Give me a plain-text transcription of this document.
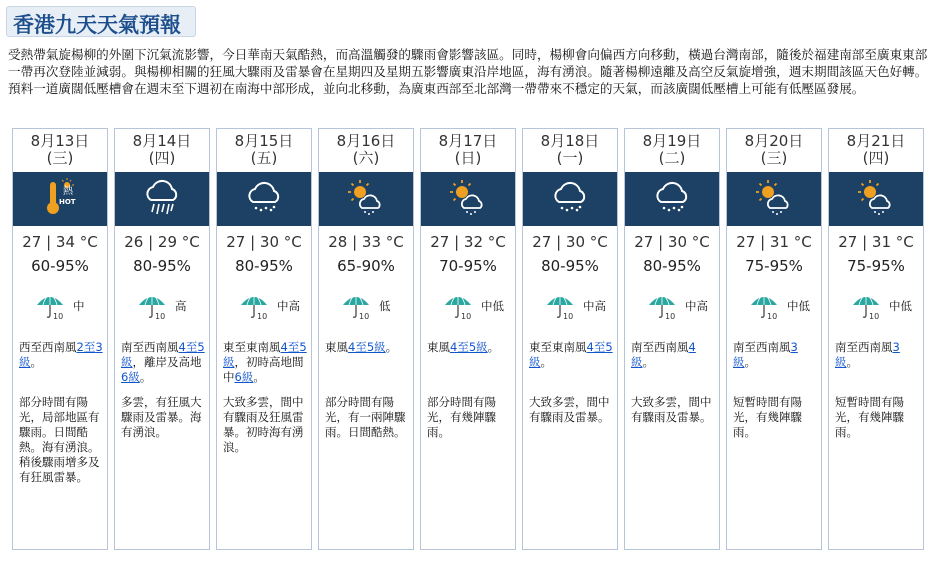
香港九天天氣預報
受熱帶氣旋楊柳的外圍下沉氣流影響，今日華南天氣酷熱，而高溫觸發的驟雨會影響該區。同時，楊柳會向偏西方向移動，橫過台灣南部，隨後於福建南部至廣東東部一帶再次登陸並減弱。與楊柳相關的狂風大驟雨及雷暴會在星期四及星期五影響廣東沿岸地區，海有湧浪。隨著楊柳遠離及高空反氣旋增強，週末期間該區天色好轉。預料一道廣闊低壓槽會在週末至下週初在南海中部形成，並向北移動，為廣東西部至北部灣一帶帶來不穩定的天氣，而該廣闊低壓槽上可能有低壓區發展。
8月13日
(三)
熱
HOT
27 | 34 °C
60-95%
10
中
西至西南風2至3級。
部分時間有陽光，局部地區有驟雨。日間酷熱。海有湧浪。稍後驟雨增多及有狂風雷暴。
8月14日
(四)
26 | 29 °C
80-95%
10
高
南至西南風4至5級，離岸及高地6級。
多雲，有狂風大驟雨及雷暴。海有湧浪。
8月15日
(五)
27 | 30 °C
80-95%
10
中高
東至東南風4至5級，初時高地間中6級。
大致多雲，間中有驟雨及狂風雷暴。初時海有湧浪。
8月16日
(六)
28 | 33 °C
65-90%
10
低
東風4至5級。
部分時間有陽光，有一兩陣驟雨。日間酷熱。
8月17日
(日)
27 | 32 °C
70-95%
10
中低
東風4至5級。
部分時間有陽光，有幾陣驟雨。
8月18日
(一)
27 | 30 °C
80-95%
10
中高
東至東南風4至5級。
大致多雲，間中有驟雨及雷暴。
8月19日
(二)
27 | 30 °C
80-95%
10
中高
南至西南風4級。
大致多雲，間中有驟雨及雷暴。
8月20日
(三)
27 | 31 °C
75-95%
10
中低
南至西南風3級。
短暫時間有陽光，有幾陣驟雨。
8月21日
(四)
27 | 31 °C
75-95%
10
中低
南至西南風3級。
短暫時間有陽光，有幾陣驟雨。
